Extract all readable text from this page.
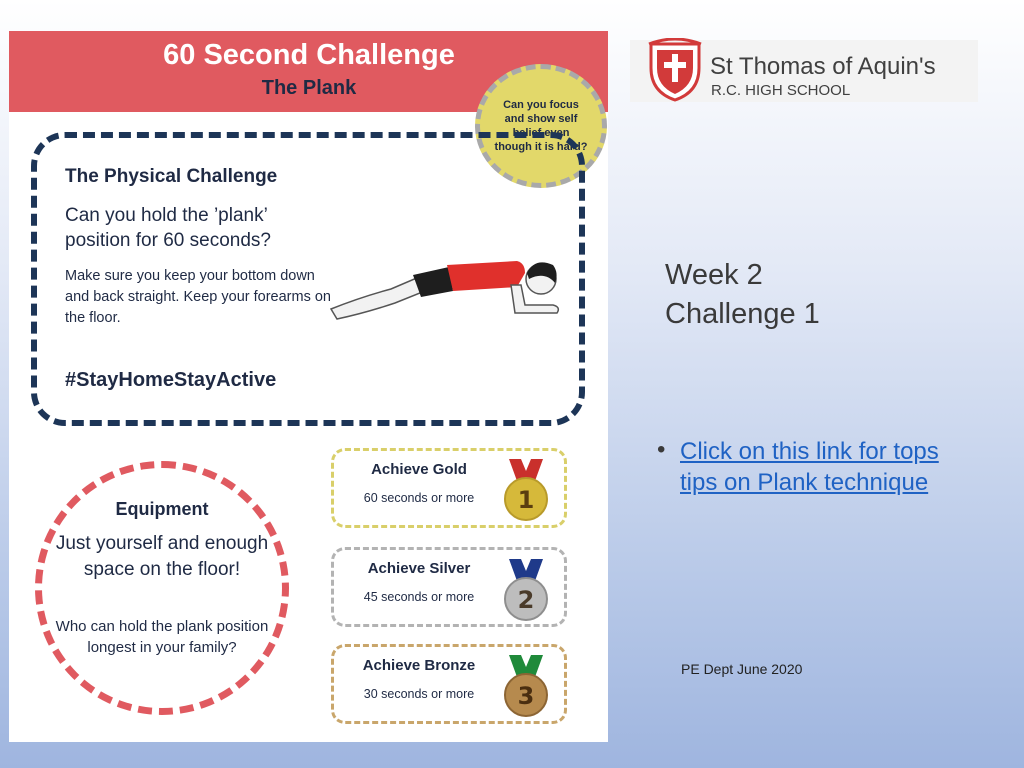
60 Second Challenge
The Plank
Can you focus and show self belief even though it is hard?
The Physical Challenge
Can you hold the ’plank’ position for 60 seconds?
Make sure you keep your bottom down and back straight. Keep your forearms on the floor.
#StayHomeStayActive
Equipment
Just yourself and enough space on the floor!
Who can hold the plank position longest in your family?
Achieve Gold
60 seconds or more	1
Achieve Silver
45 seconds or more	2
Achieve Bronze
30 seconds or more	3
St Thomas of Aquin's
R.C. HIGH SCHOOL
Week 2
Challenge 1
• Click on this link for tops tips on Plank technique
PE Dept June 2020
